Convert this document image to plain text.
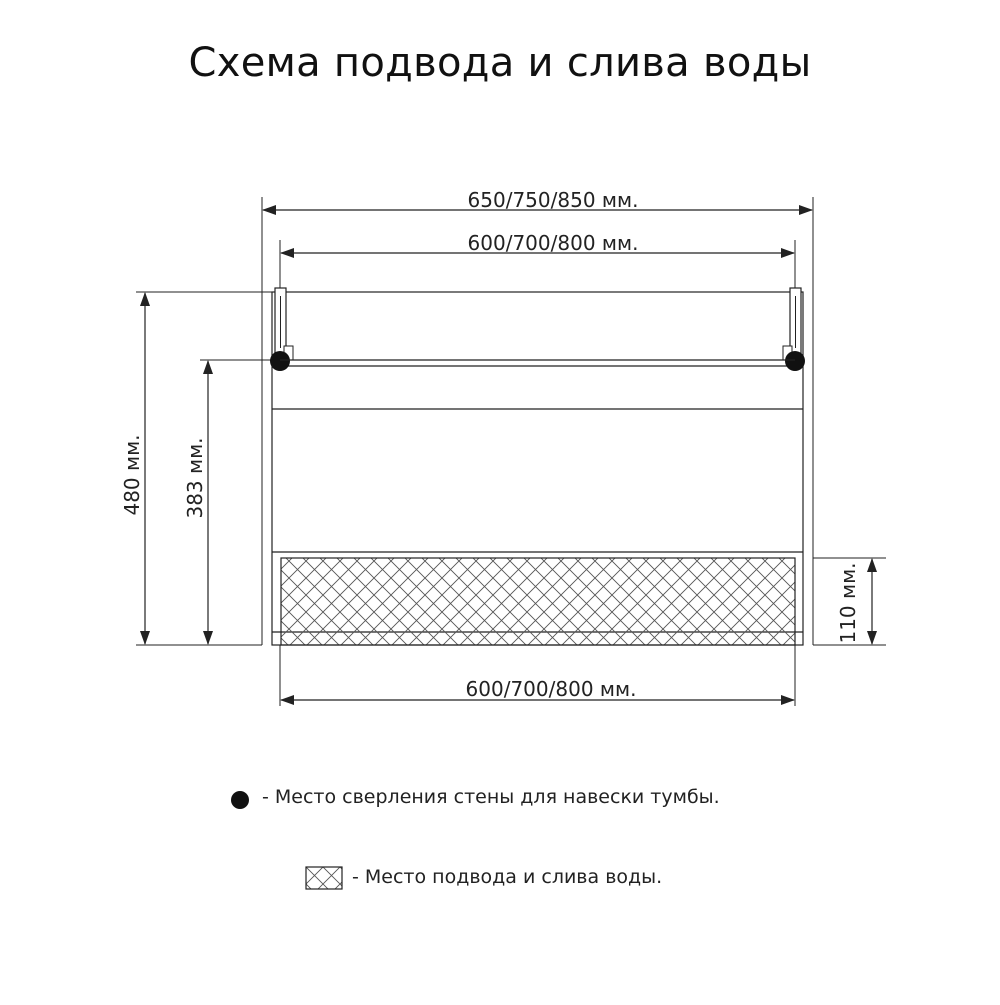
Схема подвода и слива воды
650/750/850 мм.
600/700/800 мм.
600/700/800 мм.
480 мм. 383 мм.
110 мм.
- Место сверления стены для навески тумбы.
- Место подвода и слива воды.
